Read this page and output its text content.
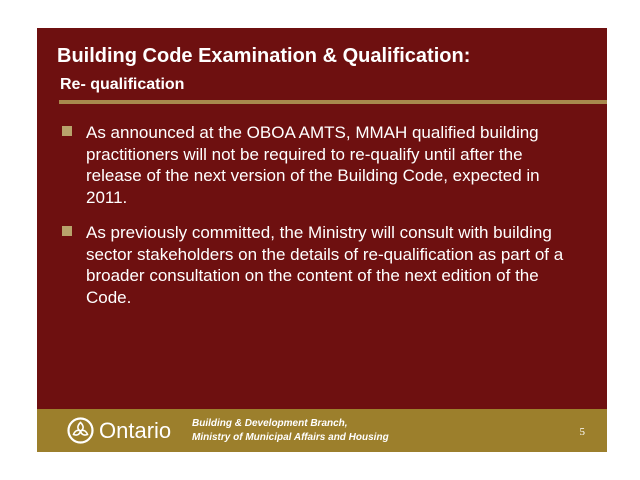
Building Code Examination & Qualification:
Re- qualification
As announced at the OBOA AMTS, MMAH qualified building practitioners will not be required to re-qualify until after the release of the next version of the Building Code, expected in 2011.
As previously committed, the Ministry will consult with building sector stakeholders on the details of re-qualification as part of a broader consultation on the content of the next edition of the Code.
Ontario Building & Development Branch,
Ministry of Municipal Affairs and Housing	5
